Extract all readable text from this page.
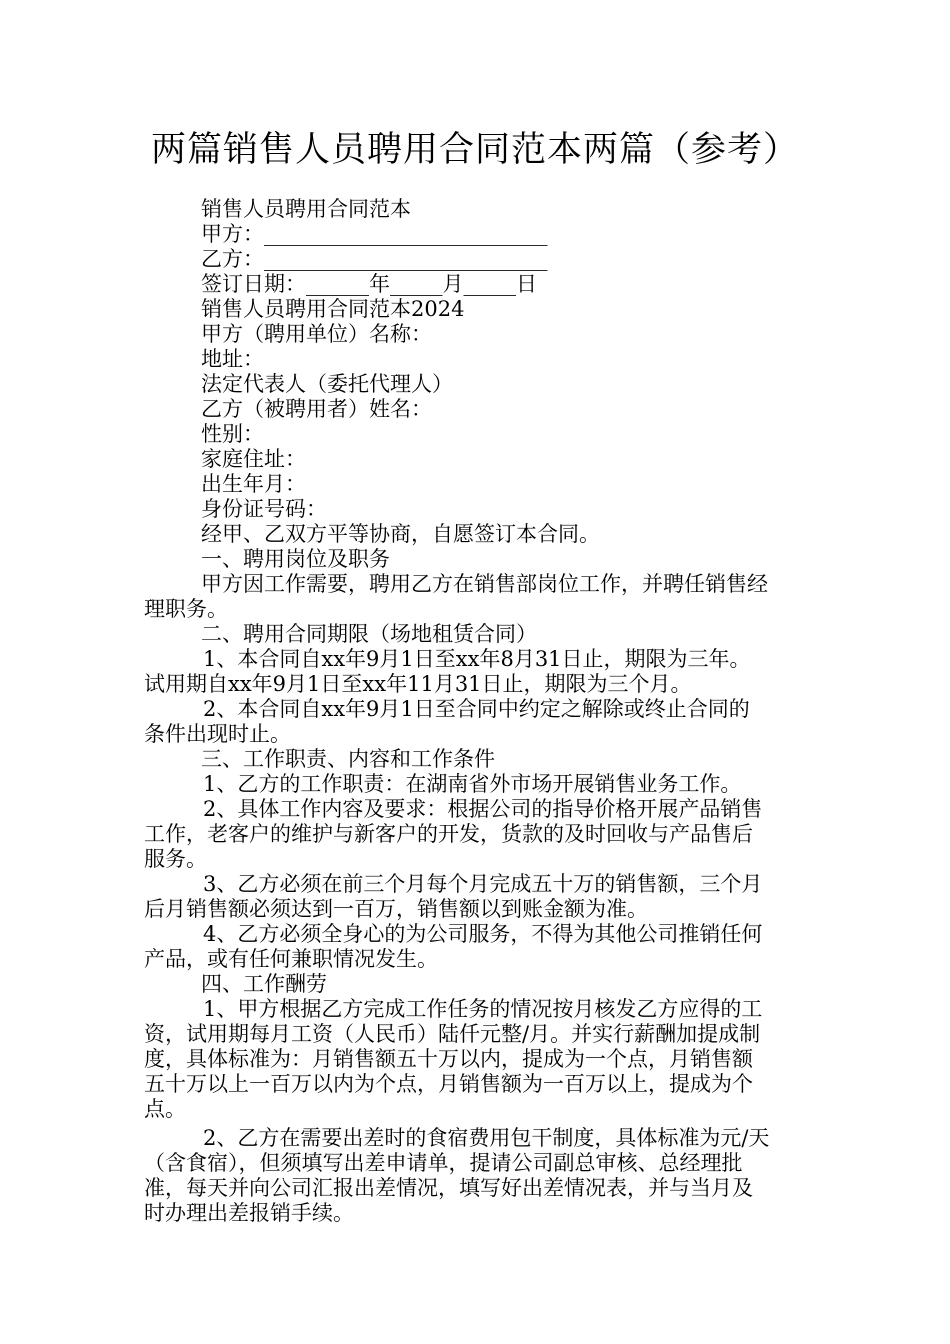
两篇销售人员聘用合同范本两篇（参考）
销售人员聘用合同范本
甲方：___________________________
乙方：___________________________
签订日期：______年_____月_____日
销售人员聘用合同范本2024
甲方（聘用单位）名称：
地址：
法定代表人（委托代理人）
乙方（被聘用者）姓名：
性别：
家庭住址：
出生年月：
身份证号码：
经甲、乙双方平等协商，自愿签订本合同。
一、聘用岗位及职务
甲方因工作需要，聘用乙方在销售部岗位工作，并聘任销售经
理职务。
二、聘用合同期限（场地租赁合同）
1、本合同自xx年9月1日至xx年8月31日止，期限为三年。
试用期自xx年9月1日至xx年11月31日止，期限为三个月。
2、本合同自xx年9月1日至合同中约定之解除或终止合同的
条件出现时止。
三、工作职责、内容和工作条件
1、乙方的工作职责：在湖南省外市场开展销售业务工作。
2、具体工作内容及要求：根据公司的指导价格开展产品销售
工作，老客户的维护与新客户的开发，货款的及时回收与产品售后
服务。
3、乙方必须在前三个月每个月完成五十万的销售额，三个月
后月销售额必须达到一百万，销售额以到账金额为准。
4、乙方必须全身心的为公司服务，不得为其他公司推销任何
产品，或有任何兼职情况发生。
四、工作酬劳
1、甲方根据乙方完成工作任务的情况按月核发乙方应得的工
资，试用期每月工资（人民币）陆仟元整/月。并实行薪酬加提成制
度，具体标准为：月销售额五十万以内，提成为一个点，月销售额
五十万以上一百万以内为个点，月销售额为一百万以上，提成为个
点。
2、乙方在需要出差时的食宿费用包干制度，具体标准为元/天
（含食宿），但须填写出差申请单，提请公司副总审核、总经理批
准，每天并向公司汇报出差情况，填写好出差情况表，并与当月及
时办理出差报销手续。
